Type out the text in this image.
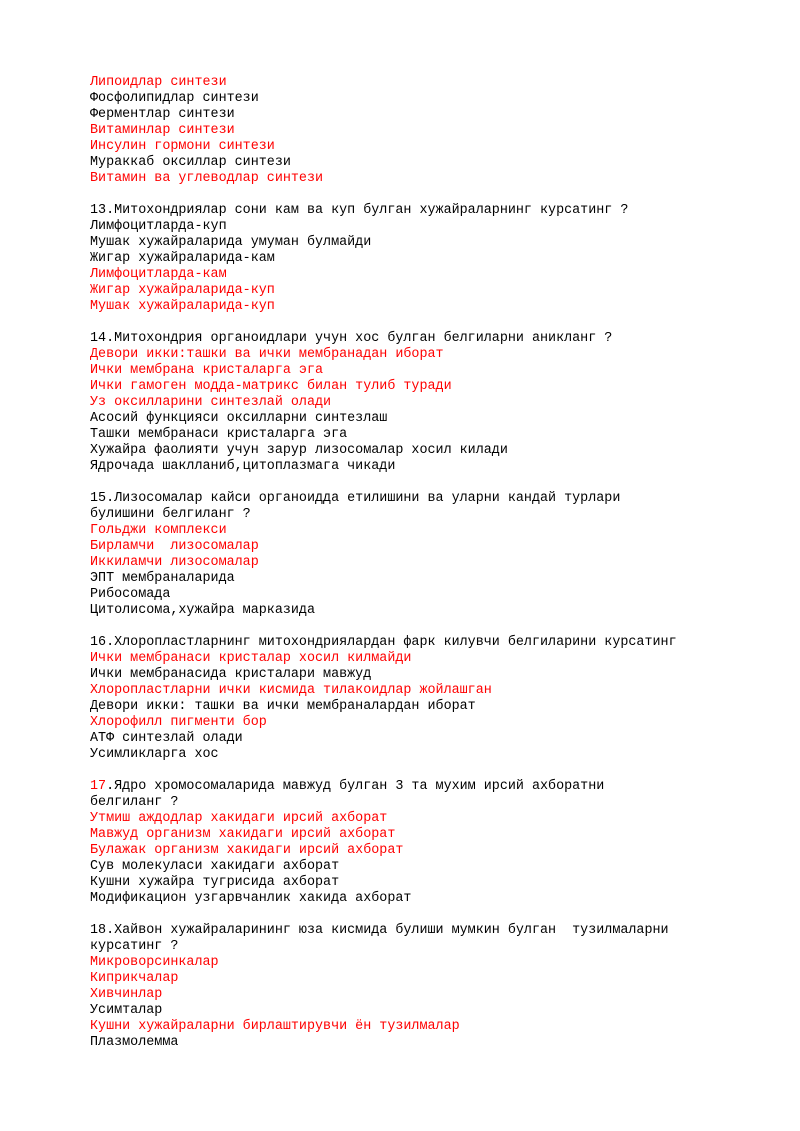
Липоидлар синтези
Фосфолипидлар синтези
Ферментлар синтези
Витаминлар синтези
Инсулин гормони синтези
Мураккаб оксиллар синтези
Витамин ва углеводлар синтези
13.Митохондриялар сони кам ва куп булган хужайраларнинг курсатинг ?
Лимфоцитларда-куп
Мушак хужайраларида умуман булмайди
Жигар хужайраларида-кам
Лимфоцитларда-кам
Жигар хужайраларида-куп
Мушак хужайраларида-куп
14.Митохондрия органоидлари учун хос булган белгиларни аникланг ?
Девори икки:ташки ва ички мембранадан иборат
Ички мембрана кристаларга эга
Ички гамоген модда-матрикс билан тулиб туради
Уз оксилларини синтезлай олади
Асосий функцияси оксилларни синтезлаш
Ташки мембранаси кристаларга эга
Хужайра фаолияти учун зарур лизосомалар хосил килади
Ядрочада шаклланиб,цитоплазмага чикади
15.Лизосомалар кайси органоидда етилишини ва уларни кандай турлари
булишини белгиланг ?
Гольджи комплекси
Бирламчи  лизосомалар
Иккиламчи лизосомалар
ЭПТ мембраналарида
Рибосомада
Цитолисома,хужайра марказида
16.Хлоропластларнинг митохондриялардан фарк килувчи белгиларини курсатинг
Ички мембранаси кристалар хосил килмайди
Ички мембранасида кристалари мавжуд
Хлоропластларни ички кисмида тилакоидлар жойлашган
Девори икки: ташки ва ички мембраналардан иборат
Хлорофилл пигменти бор
АТФ синтезлай олади
Усимликларга хос
17.Ядро хромосомаларида мавжуд булган 3 та мухим ирсий ахборатни
белгиланг ?
Утмиш аждодлар хакидаги ирсий ахборат
Мавжуд организм хакидаги ирсий ахборат
Булажак организм хакидаги ирсий ахборат
Сув молекуласи хакидаги ахборат
Кушни хужайра тугрисида ахборат
Модификацион узгарвчанлик хакида ахборат
18.Хайвон хужайраларининг юза кисмида булиши мумкин булган  тузилмаларни
курсатинг ?
Микроворсинкалар
Киприкчалар
Хивчинлар
Усимталар
Кушни хужайраларни бирлаштирувчи ён тузилмалар
Плазмолемма
